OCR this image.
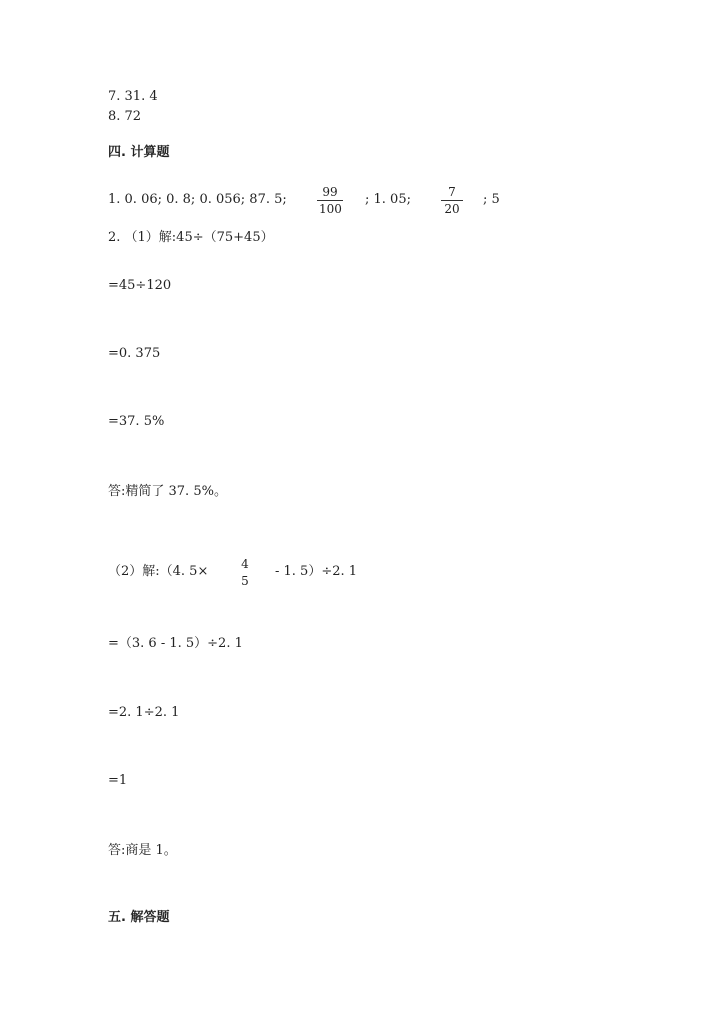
7. 31. 4
8. 72
四. 计算题
1. 0. 06; 0. 8; 0. 056; 87. 5;	99
100
; 1. 05;	7
20
; 5
2. （1）解:45÷（75+45）
=45÷120
=0. 375
=37. 5%
答:精简了 37. 5%。
（2）解:（4. 5×	4
5
- 1. 5）÷2. 1
=（3. 6 - 1. 5）÷2. 1
=2. 1÷2. 1
=1
答:商是 1。
五. 解答题
